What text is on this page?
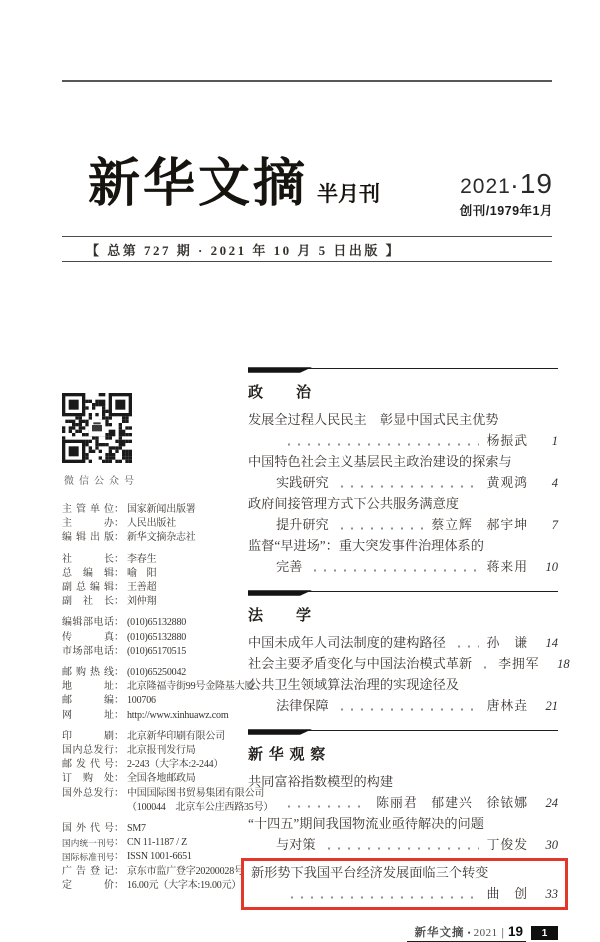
新华文摘 半月刊	2021·19
创刊/1979年1月
【 总第 727 期 · 2021 年 10 月 5 日出版 】
微信公众号
主管单位： 国家新闻出版署
主办： 人民出版社
编辑出版： 新华文摘杂志社
社长： 李春生
总编辑： 喻　阳
副总编辑： 王善超
副社长： 刘仲翔
编辑部电话： (010)65132880
传真： (010)65132880
市场部电话： (010)65170515
邮购热线： (010)65250042
地址： 北京隆福寺街99号金隆基大厦
邮编： 100706
网址： http://www.xinhuawz.com
印刷： 北京新华印刷有限公司
国内总发行： 北京报刊发行局
邮发代号： 2-243（大字本:2-244）
订购处： 全国各地邮政局
国外总发行： 中国国际图书贸易集团有限公司
（100044　北京车公庄西路35号）
国外代号： SM7
国内统一刊号： CN 11-1187 / Z
国际标准刊号： ISSN 1001-6651
广告登记： 京东市监广登字20200028号
定价： 16.00元（大字本:19.00元）
政　　治
发展全过程人民民主　彰显中国式民主优势
杨振武	1
中国特色社会主义基层民主政治建设的探索与
实践研究	黄观鸿	4
政府间接管理方式下公共服务满意度
提升研究	蔡立辉　郝宇坤	7
监督“早进场”：重大突发事件治理体系的
完善	蒋来用	10
法　　学
中国未成年人司法制度的建构路径	孙　谦	14
社会主要矛盾变化与中国法治模式革新 李拥军	18
公共卫生领域算法治理的实现途径及
法律保障	唐林垚	21
新 华 观 察
共同富裕指数模型的构建
陈丽君　郁建兴　徐铱娜	24
“十四五”期间我国物流业亟待解决的问题
与对策	丁俊发	30
新形势下我国平台经济发展面临三个转变
曲　创	33
新华文摘 • 2021 | 19	1
